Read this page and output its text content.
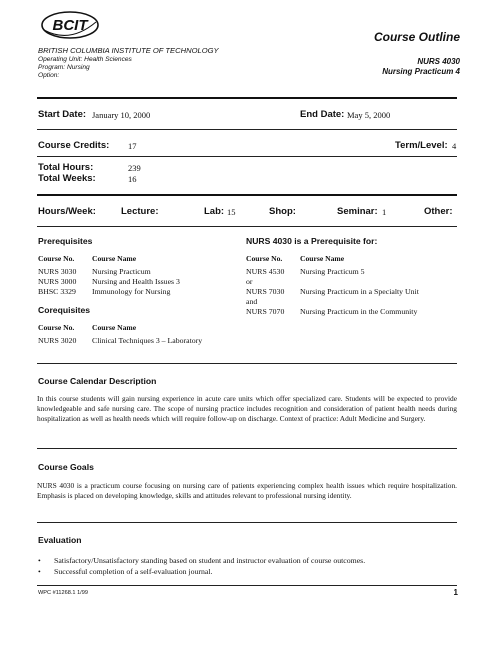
BCIT
Course Outline
BRITISH COLUMBIA INSTITUTE OF TECHNOLOGY
Operating Unit: Health Sciences
Program: Nursing
Option:
NURS 4030
Nursing Practicum 4
Start Date: January 10, 2000	End Date: May 5, 2000
Course Credits: 17	Term/Level: 4
Total Hours:	239
Total Weeks:	16
Hours/Week:	Lecture:	Lab: 15	Shop:	Seminar: 1	Other:
Prerequisites
Course No. Course Name
NURS 3030 Nursing Practicum
NURS 3000 Nursing and Health Issues 3
BHSC 3329 Immunology for Nursing
Corequisites
Course No. Course Name
NURS 3020 Clinical Techniques 3 – Laboratory
NURS 4030 is a Prerequisite for:
Course No. Course Name
NURS 4530 Nursing Practicum 5
or
NURS 7030 Nursing Practicum in a Specialty Unit
and
NURS 7070 Nursing Practicum in the Community
Course Calendar Description
In this course students will gain nursing experience in acute care units which offer specialized care. Students will be expected to provide knowledgeable and safe nursing care. The scope of nursing practice includes recognition and consideration of patient health needs during hospitalization as well as health needs which will require follow-up on discharge. Context of practice: Adult Medicine and Surgery.
Course Goals
NURS 4030 is a practicum course focusing on nursing care of patients experiencing complex health issues which require hospitalization. Emphasis is placed on developing knowledge, skills and attitudes relevant to professional nursing identity.
Evaluation
• Satisfactory/Unsatisfactory standing based on student and instructor evaluation of course outcomes.
• Successful completion of a self-evaluation journal.
WPC #11268.1 1/99	1
